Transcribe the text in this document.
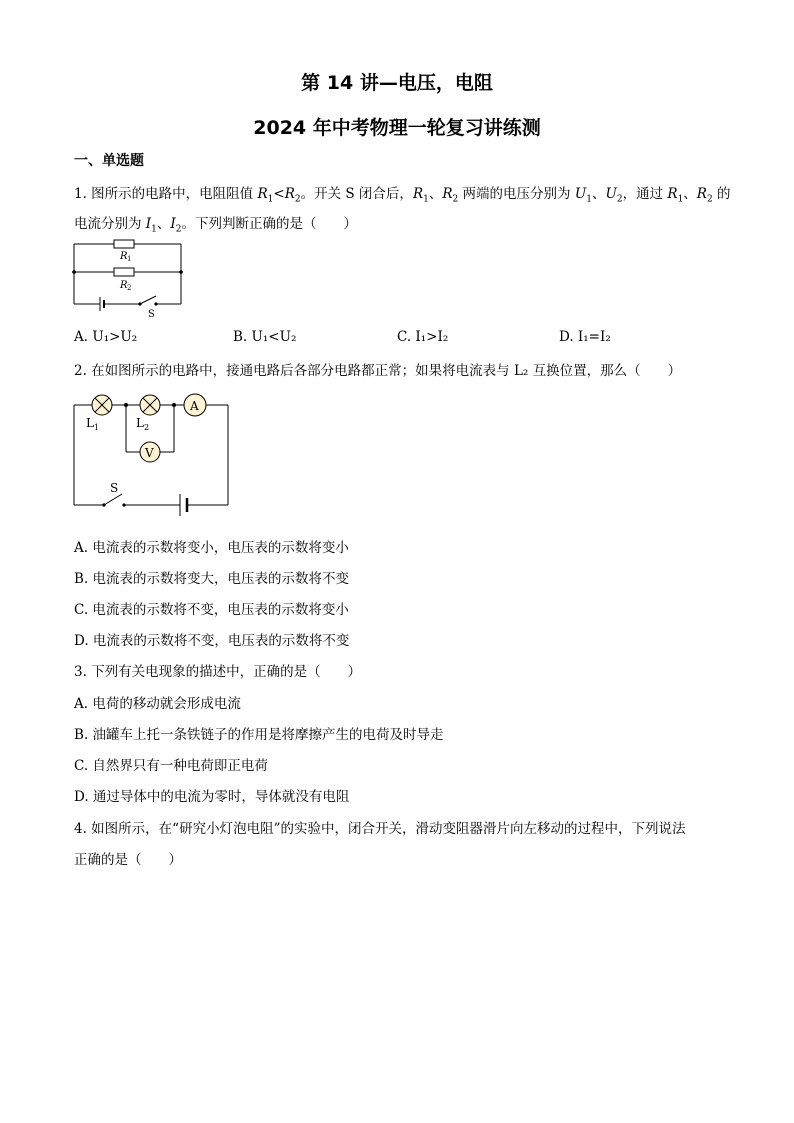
第 14 讲—电压，电阻
2024 年中考物理一轮复习讲练测
一、单选题
1. 图所示的电路中，电阻阻值 $R_1<R_2$。开关 S 闭合后，$R_1$、$R_2$ 两端的电压分别为 $U_1$、$U_2$，通过 $R_1$、$R_2$ 的
电流分别为 $I_1$、$I_2$。下列判断正确的是（　　）
R 1
R 2
S
A. U₁>U₂	B. U₁<U₂	C. I₁>I₂	D. I₁=I₂
2. 在如图所示的电路中，接通电路后各部分电路都正常；如果将电流表与 L₂ 互换位置，那么（　　）
A
V
L 1	L 2
S
A. 电流表的示数将变小，电压表的示数将变小
B. 电流表的示数将变大，电压表的示数将不变
C. 电流表的示数将不变，电压表的示数将变小
D. 电流表的示数将不变，电压表的示数将不变
3. 下列有关电现象的描述中，正确的是（　　）
A. 电荷的移动就会形成电流
B. 油罐车上托一条铁链子的作用是将摩擦产生的电荷及时导走
C. 自然界只有一种电荷即正电荷
D. 通过导体中的电流为零时，导体就没有电阻
4. 如图所示，在“研究小灯泡电阻”的实验中，闭合开关，滑动变阻器滑片向左移动的过程中，下列说法
正确的是（　　）
